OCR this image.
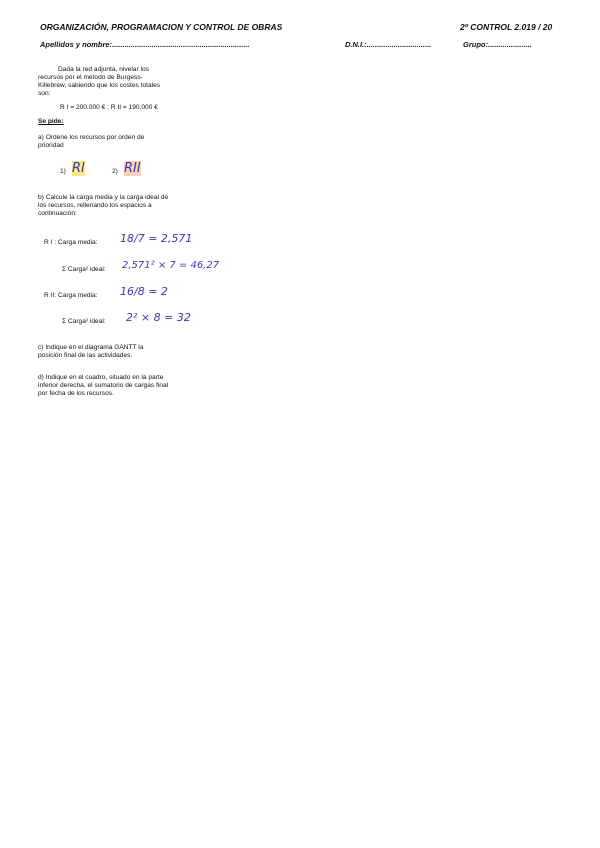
ORGANIZACIÓN, PROGRAMACION Y CONTROL DE OBRAS	2º CONTROL 2.019 / 20
Apellidos y nombre:..................................................................	D.N.I.:...............................	Grupo:.....................
Dada la red adjunta, nivelar los
recursos por el método de Burgess-
Killebrew, sabiendo que los costes totales
son:
R I = 200.000 € ; R II = 190.000 €
Se pide:
a) Ordene los recursos por orden de
prioridad
1) RI	2) RII
b) Calcule la carga media y la carga ideal de
los recursos, rellenando los espacios a
continuación:
R I : Carga media: 18/7 = 2,571
Σ Carga² ideal: 2,571² × 7 = 46,27
R II: Carga media: 16/8 = 2
Σ Carga² ideal: 2² × 8 = 32
c) Indique en el diagrama GANTT la
posición final de las actividades.
d) Indique en el cuadro, situado en la parte
inferior derecha, el sumatorio de cargas final
por fecha de los recursos.
